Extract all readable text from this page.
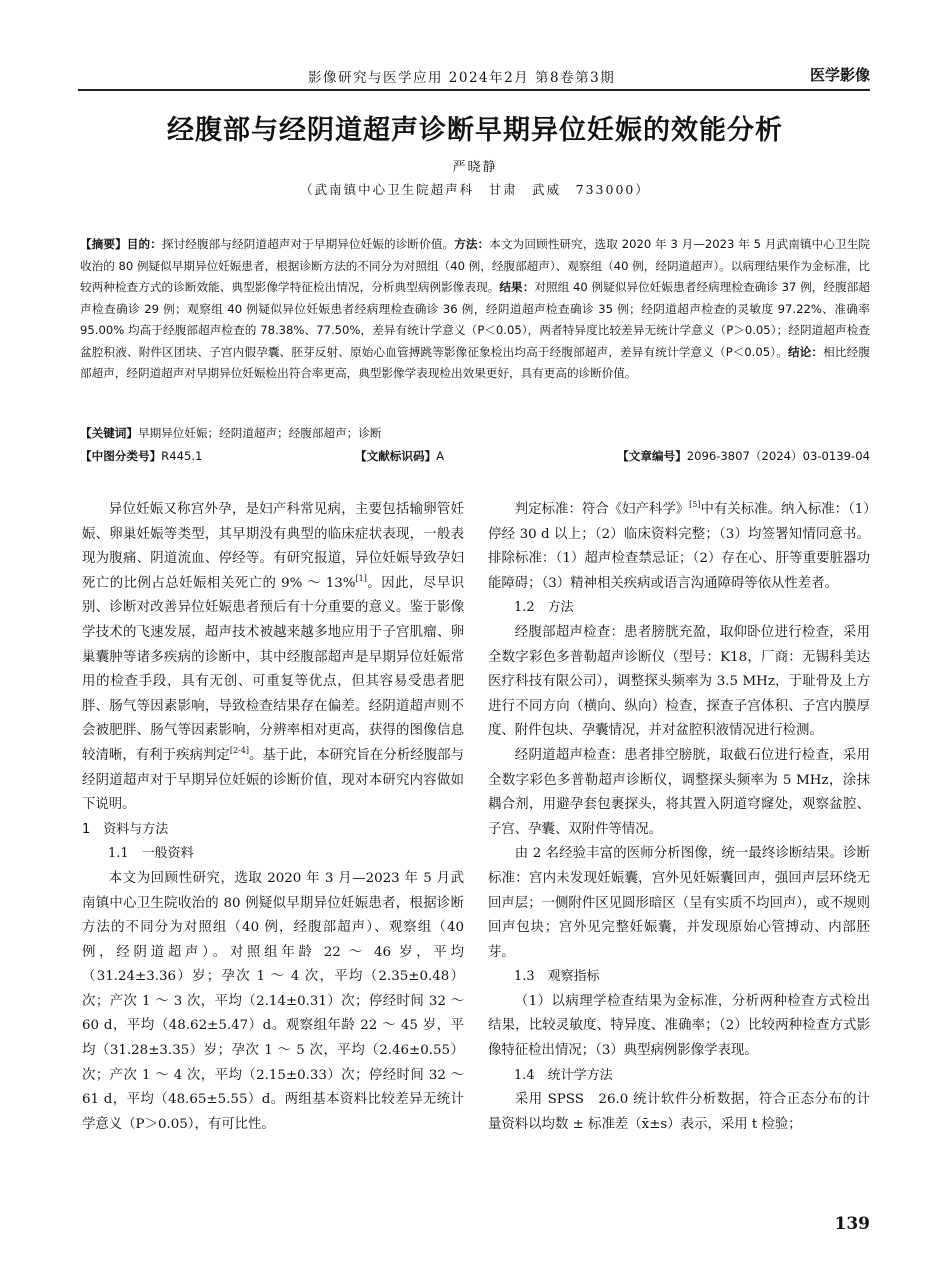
影像研究与医学应用 2024年2月 第8卷第3期	医学影像
经腹部与经阴道超声诊断早期异位妊娠的效能分析
严晓静
（武南镇中心卫生院超声科　甘肃　武威　733000）
【摘要】目的：探讨经腹部与经阴道超声对于早期异位妊娠的诊断价值。方法：本文为回顾性研究，选取 2020 年 3 月—2023 年 5 月武南镇中心卫生院收治的 80 例疑似早期异位妊娠患者，根据诊断方法的不同分为对照组（40 例，经腹部超声）、观察组（40 例，经阴道超声）。以病理结果作为金标准，比较两种检查方式的诊断效能、典型影像学特征检出情况，分析典型病例影像表现。结果：对照组 40 例疑似异位妊娠患者经病理检查确诊 37 例，经腹部超声检查确诊 29 例；观察组 40 例疑似异位妊娠患者经病理检查确诊 36 例，经阴道超声检查确诊 35 例；经阴道超声检查的灵敏度 97.22%、准确率 95.00% 均高于经腹部超声检查的 78.38%、77.50%，差异有统计学意义（P＜0.05），两者特异度比较差异无统计学意义（P＞0.05）；经阴道超声检查盆腔积液、附件区团块、子宫内假孕囊、胚芽反射、原始心血管搏跳等影像征象检出均高于经腹部超声，差异有统计学意义（P＜0.05）。结论：相比经腹部超声，经阴道超声对早期异位妊娠检出符合率更高，典型影像学表现检出效果更好，具有更高的诊断价值。
【关键词】早期异位妊娠；经阴道超声；经腹部超声；诊断
【中图分类号】R445.1	【文献标识码】A	【文章编号】2096-3807（2024）03-0139-04

异位妊娠又称宫外孕，是妇产科常见病，主要包括输卵管妊娠、卵巢妊娠等类型，其早期没有典型的临床症状表现，一般表现为腹痛、阴道流血、停经等。有研究报道，异位妊娠导致孕妇死亡的比例占总妊娠相关死亡的 9% ～ 13%[1]。因此，尽早识别、诊断对改善异位妊娠患者预后有十分重要的意义。鉴于影像学技术的飞速发展，超声技术被越来越多地应用于子宫肌瘤、卵巢囊肿等诸多疾病的诊断中，其中经腹部超声是早期异位妊娠常用的检查手段，具有无创、可重复等优点，但其容易受患者肥胖、肠气等因素影响，导致检查结果存在偏差。经阴道超声则不会被肥胖、肠气等因素影响，分辨率相对更高，获得的图像信息较清晰，有利于疾病判定[2-4]。基于此，本研究旨在分析经腹部与经阴道超声对于早期异位妊娠的诊断价值，现对本研究内容做如下说明。

1　资料与方法
1.1　一般资料

本文为回顾性研究，选取 2020 年 3 月—2023 年 5 月武南镇中心卫生院收治的 80 例疑似早期异位妊娠患者，根据诊断方法的不同分为对照组（40 例，经腹部超声）、观察组（40 例，经阴道超声）。对照组年龄 22 ～ 46 岁，平均（31.24±3.36）岁；孕次 1 ～ 4 次，平均（2.35±0.48）次；产次 1 ～ 3 次，平均（2.14±0.31）次；停经时间 32 ～ 60 d，平均（48.62±5.47）d。观察组年龄 22 ～ 45 岁，平均（31.28±3.35）岁；孕次 1 ～ 5 次，平均（2.46±0.55）次；产次 1 ～ 4 次，平均（2.15±0.33）次；停经时间 32 ～ 61 d，平均（48.65±5.55）d。两组基本资料比较差异无统计学意义（P＞0.05），有可比性。

判定标准：符合《妇产科学》[5]中有关标准。纳入标准：（1）停经 30 d 以上；（2）临床资料完整；（3）均签署知情同意书。排除标准：（1）超声检查禁忌证；（2）存在心、肝等重要脏器功能障碍；（3）精神相关疾病或语言沟通障碍等依从性差者。

1.2　方法

经腹部超声检查：患者膀胱充盈，取仰卧位进行检查，采用全数字彩色多普勒超声诊断仪（型号：K18，厂商：无锡科美达医疗科技有限公司），调整探头频率为 3.5 MHz，于耻骨及上方进行不同方向（横向、纵向）检查，探查子宫体积、子宫内膜厚度、附件包块、孕囊情况，并对盆腔积液情况进行检测。

经阴道超声检查：患者排空膀胱，取截石位进行检查，采用全数字彩色多普勒超声诊断仪，调整探头频率为 5 MHz，涂抹耦合剂，用避孕套包裹探头，将其置入阴道穹窿处，观察盆腔、子宫、孕囊、双附件等情况。

由 2 名经验丰富的医师分析图像，统一最终诊断结果。诊断标准：宫内未发现妊娠囊，宫外见妊娠囊回声，强回声层环绕无回声层；一侧附件区见圆形暗区（呈有实质不均回声），或不规则回声包块；宫外见完整妊娠囊，并发现原始心管搏动、内部胚芽。

1.3　观察指标

（1）以病理学检查结果为金标准，分析两种检查方式检出结果，比较灵敏度、特异度、准确率；（2）比较两种检查方式影像特征检出情况；（3）典型病例影像学表现。

1.4　统计学方法

采用 SPSS　26.0 统计软件分析数据，符合正态分布的计量资料以均数 ± 标准差（x̄±s）表示，采用 t 检验；

139
